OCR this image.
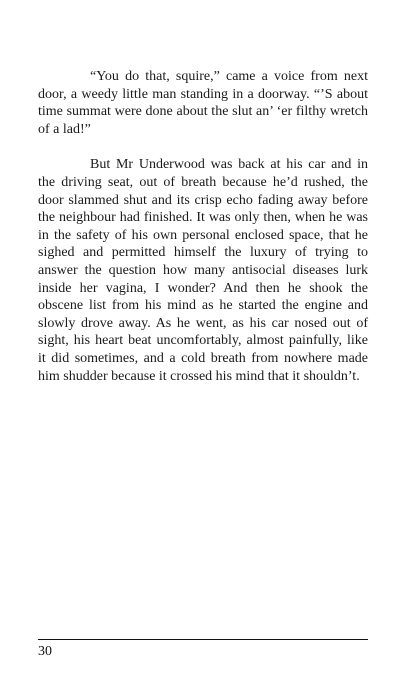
“You do that, squire,” came a voice from next door, a weedy little man standing in a doorway. “’S about time summat were done about the slut an’ ‘er filthy wretch of a lad!”

But Mr Underwood was back at his car and in the driving seat, out of breath because he’d rushed, the door slammed shut and its crisp echo fading away before the neighbour had finished. It was only then, when he was in the safety of his own personal enclosed space, that he sighed and permitted himself the luxury of trying to answer the question how many antisocial diseases lurk inside her vagina, I wonder? And then he shook the obscene list from his mind as he started the engine and slowly drove away. As he went, as his car nosed out of sight, his heart beat uncomfortably, almost painfully, like it did sometimes, and a cold breath from nowhere made him shudder because it crossed his mind that it shouldn’t.

30
